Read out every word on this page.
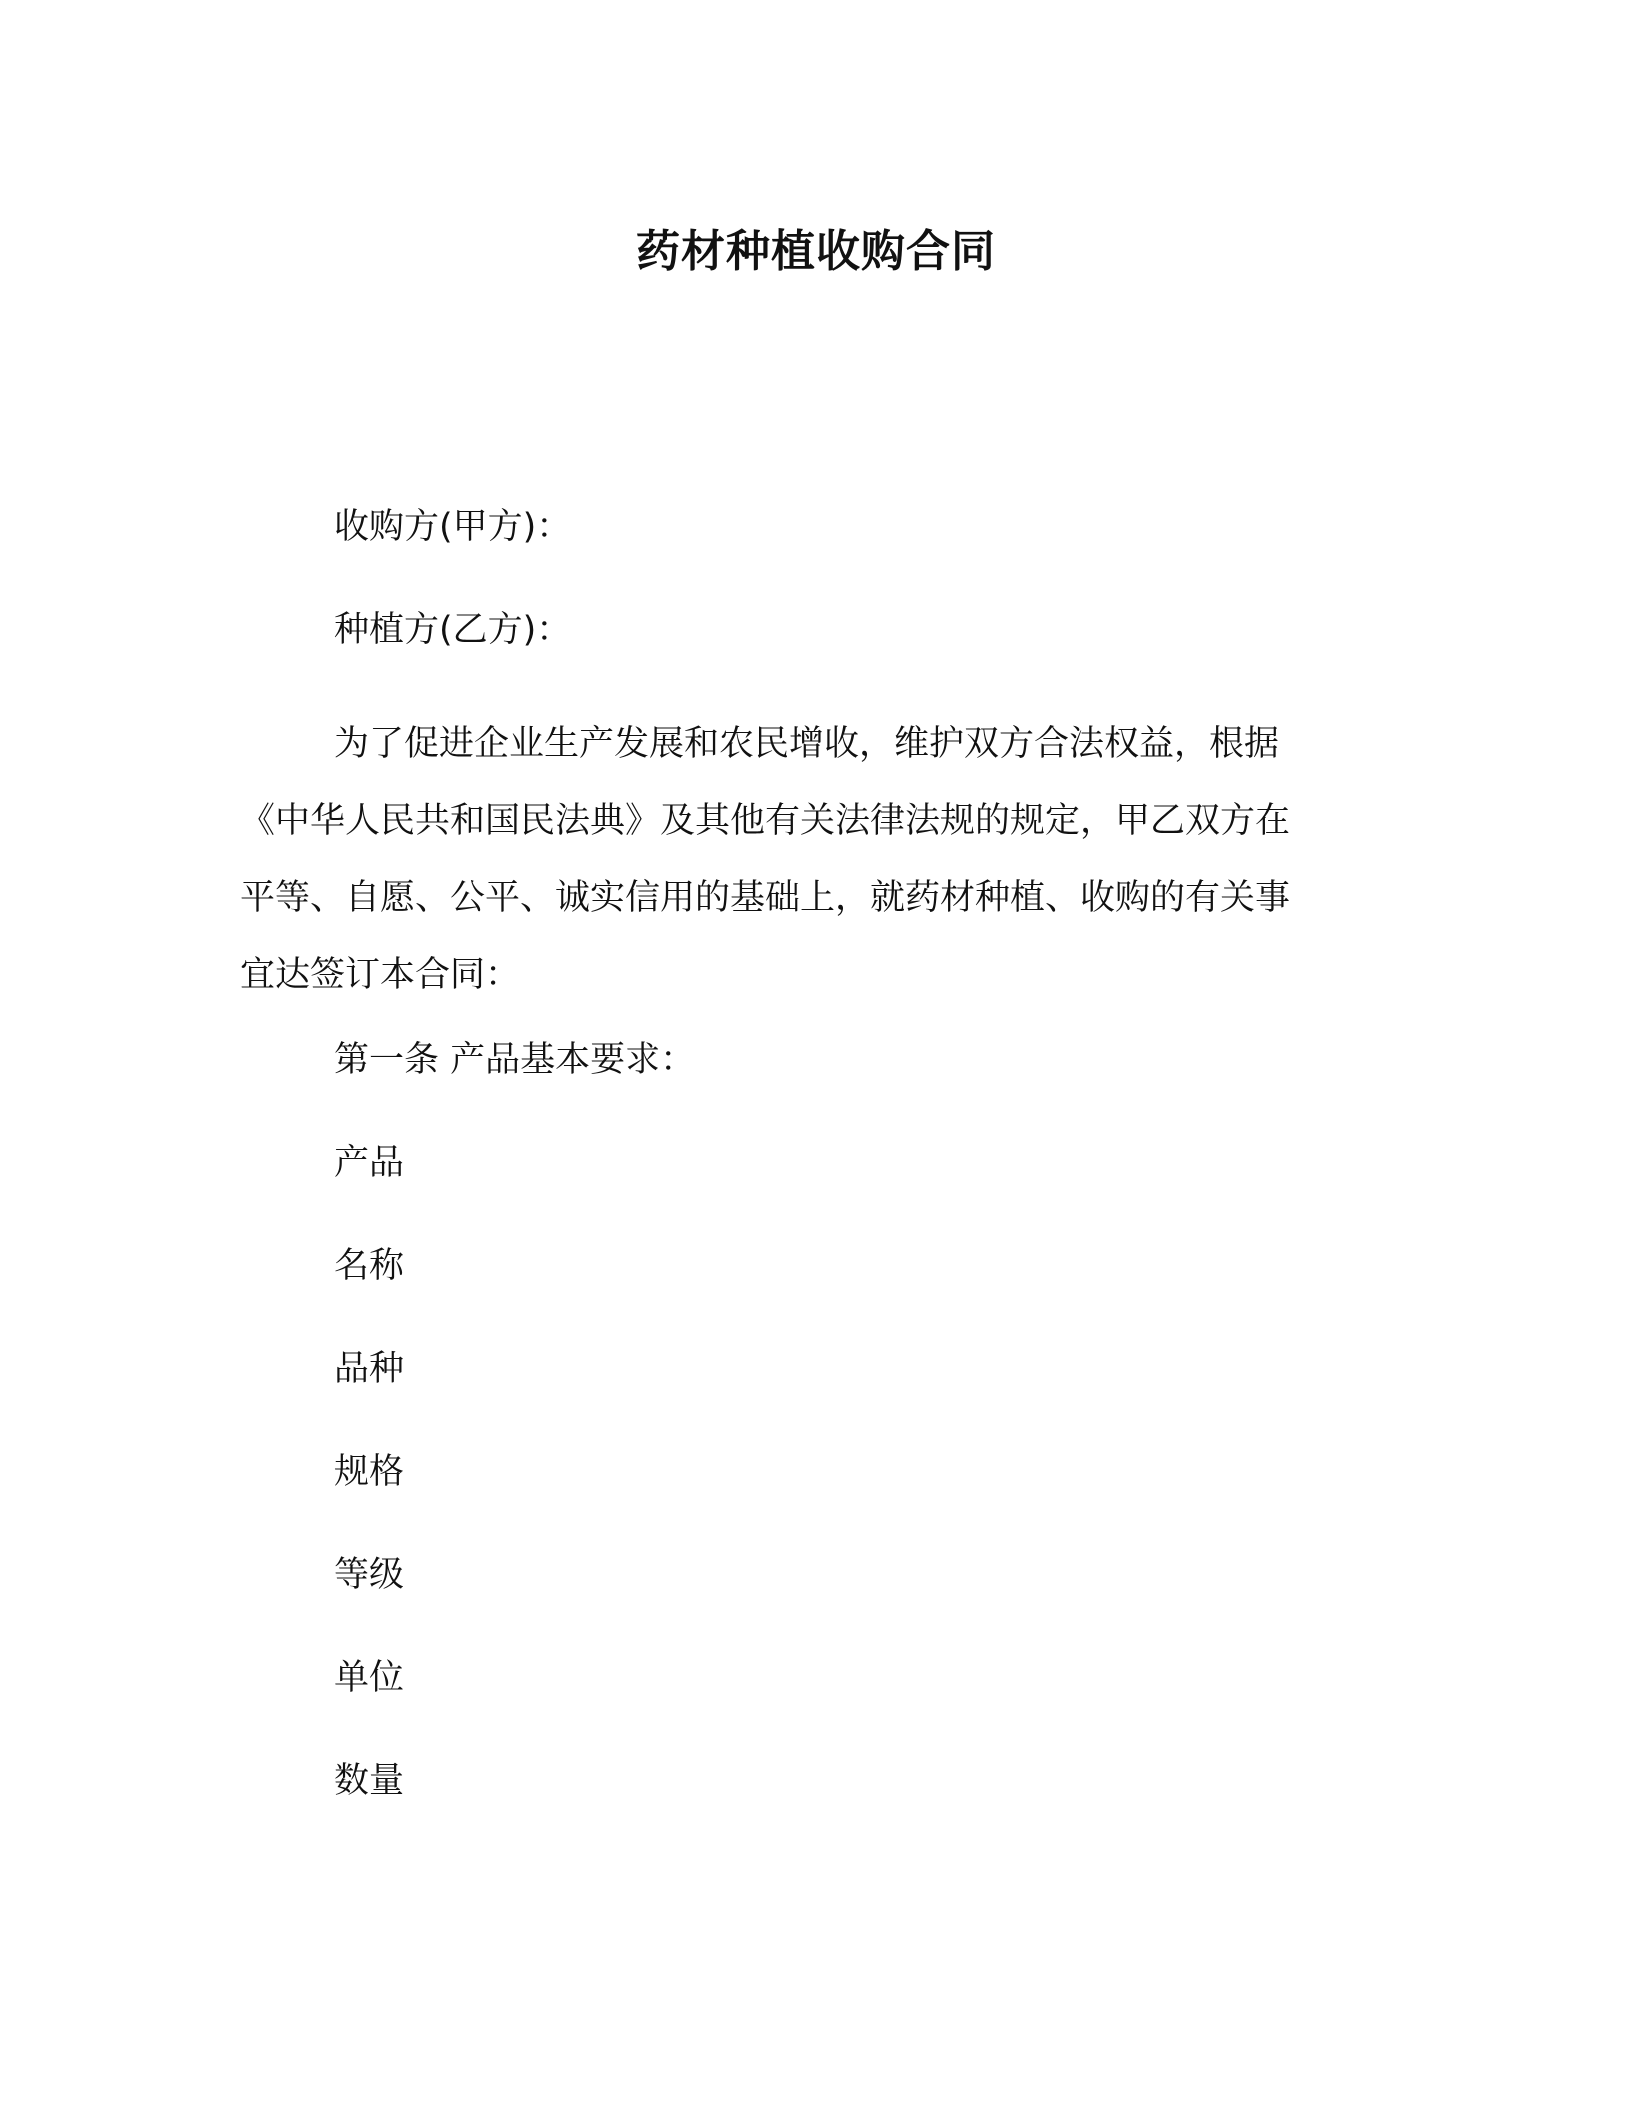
药材种植收购合同
收购方(甲方)：
种植方(乙方)：
为了促进企业生产发展和农民增收，维护双方合法权益，根据
《中华人民共和国民法典》及其他有关法律法规的规定，甲乙双方在
平等、自愿、公平、诚实信用的基础上，就药材种植、收购的有关事
宜达签订本合同：
第一条 产品基本要求：
产品
名称
品种
规格
等级
单位
数量
